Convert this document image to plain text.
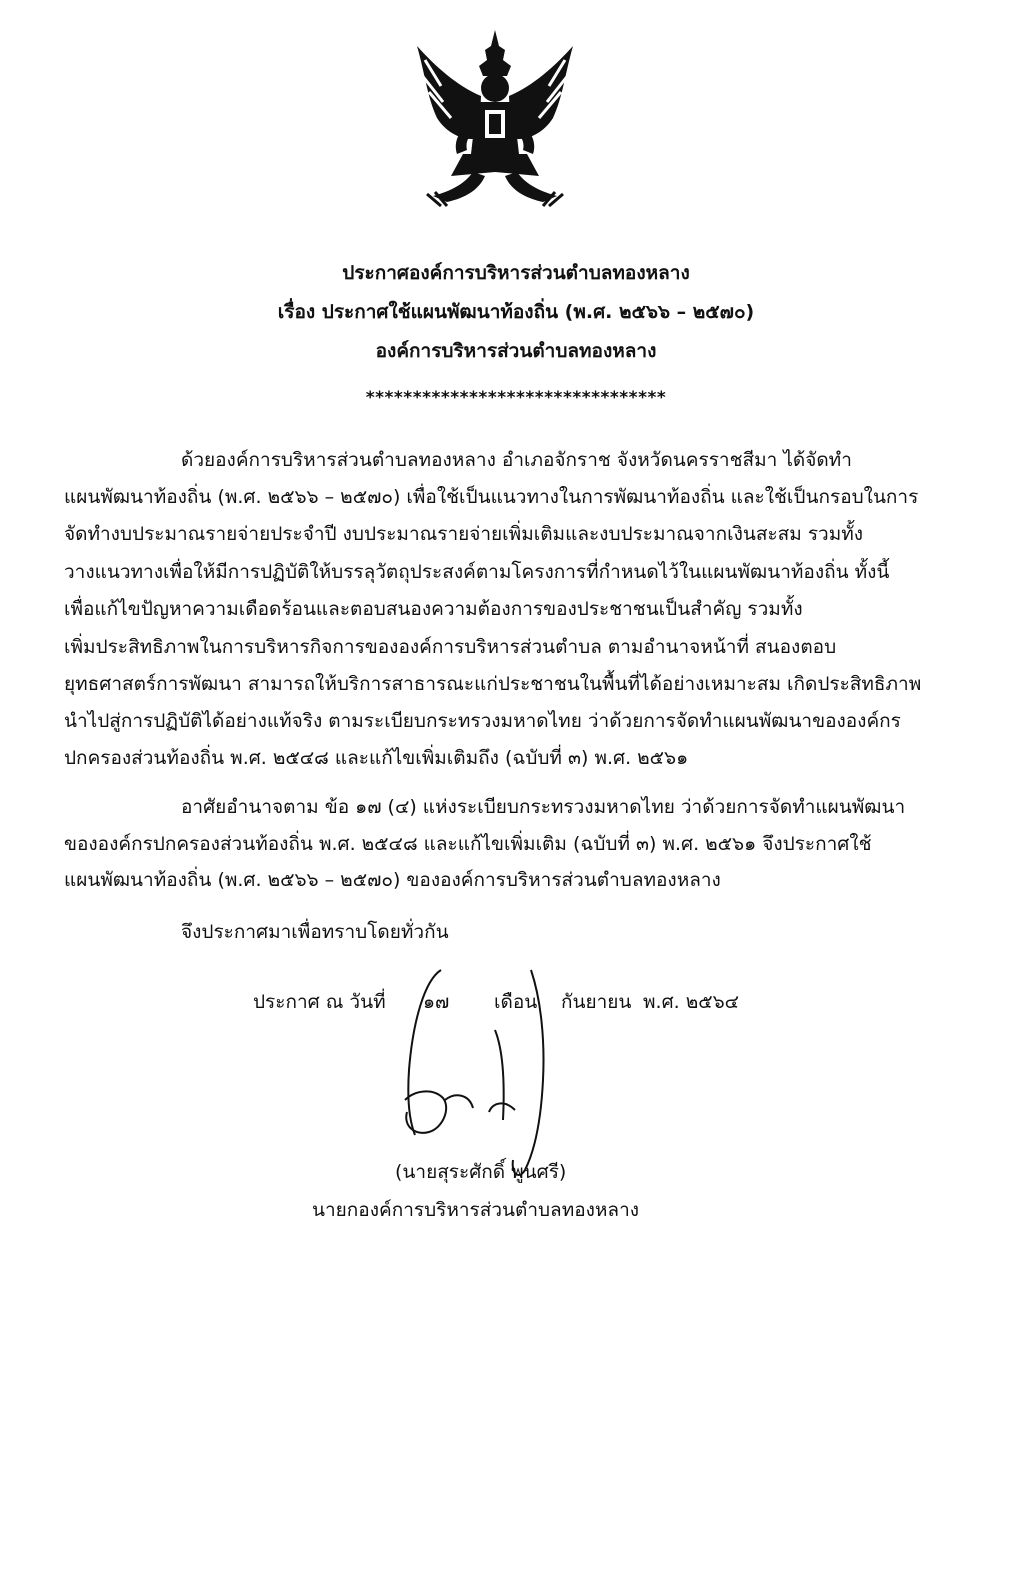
ประกาศองค์การบริหารส่วนตำบลทองหลาง
เรื่อง ประกาศใช้แผนพัฒนาท้องถิ่น (พ.ศ. ๒๕๖๖ – ๒๕๗๐)
องค์การบริหารส่วนตำบลทองหลาง
********************************
ด้วยองค์การบริหารส่วนตำบลทองหลาง อำเภอจักราช จังหวัดนครราชสีมา ได้จัดทำ
แผนพัฒนาท้องถิ่น (พ.ศ. ๒๕๖๖ – ๒๕๗๐) เพื่อใช้เป็นแนวทางในการพัฒนาท้องถิ่น และใช้เป็นกรอบในการ
จัดทำงบประมาณรายจ่ายประจำปี งบประมาณรายจ่ายเพิ่มเติมและงบประมาณจากเงินสะสม รวมทั้ง
วางแนวทางเพื่อให้มีการปฏิบัติให้บรรลุวัตถุประสงค์ตามโครงการที่กำหนดไว้ในแผนพัฒนาท้องถิ่น ทั้งนี้
เพื่อแก้ไขปัญหาความเดือดร้อนและตอบสนองความต้องการของประชาชนเป็นสำคัญ รวมทั้ง
เพิ่มประสิทธิภาพในการบริหารกิจการขององค์การบริหารส่วนตำบล ตามอำนาจหน้าที่ สนองตอบ
ยุทธศาสตร์การพัฒนา สามารถให้บริการสาธารณะแก่ประชาชนในพื้นที่ได้อย่างเหมาะสม เกิดประสิทธิภาพ
นำไปสู่การปฏิบัติได้อย่างแท้จริง ตามระเบียบกระทรวงมหาดไทย ว่าด้วยการจัดทำแผนพัฒนาขององค์กร
ปกครองส่วนท้องถิ่น พ.ศ. ๒๕๔๘ และแก้ไขเพิ่มเติมถึง (ฉบับที่ ๓) พ.ศ. ๒๕๖๑
อาศัยอำนาจตาม ข้อ ๑๗ (๔) แห่งระเบียบกระทรวงมหาดไทย ว่าด้วยการจัดทำแผนพัฒนา
ขององค์กรปกครองส่วนท้องถิ่น พ.ศ. ๒๕๔๘ และแก้ไขเพิ่มเติม (ฉบับที่ ๓) พ.ศ. ๒๕๖๑ จึงประกาศใช้
แผนพัฒนาท้องถิ่น (พ.ศ. ๒๕๖๖ – ๒๕๗๐) ขององค์การบริหารส่วนตำบลทองหลาง
จึงประกาศมาเพื่อทราบโดยทั่วกัน
ประกาศ ณ วันที่ ๑๗ เดือน กันยายน พ.ศ. ๒๕๖๔
(นายสุระศักดิ์ พูนศรี)
นายกองค์การบริหารส่วนตำบลทองหลาง
